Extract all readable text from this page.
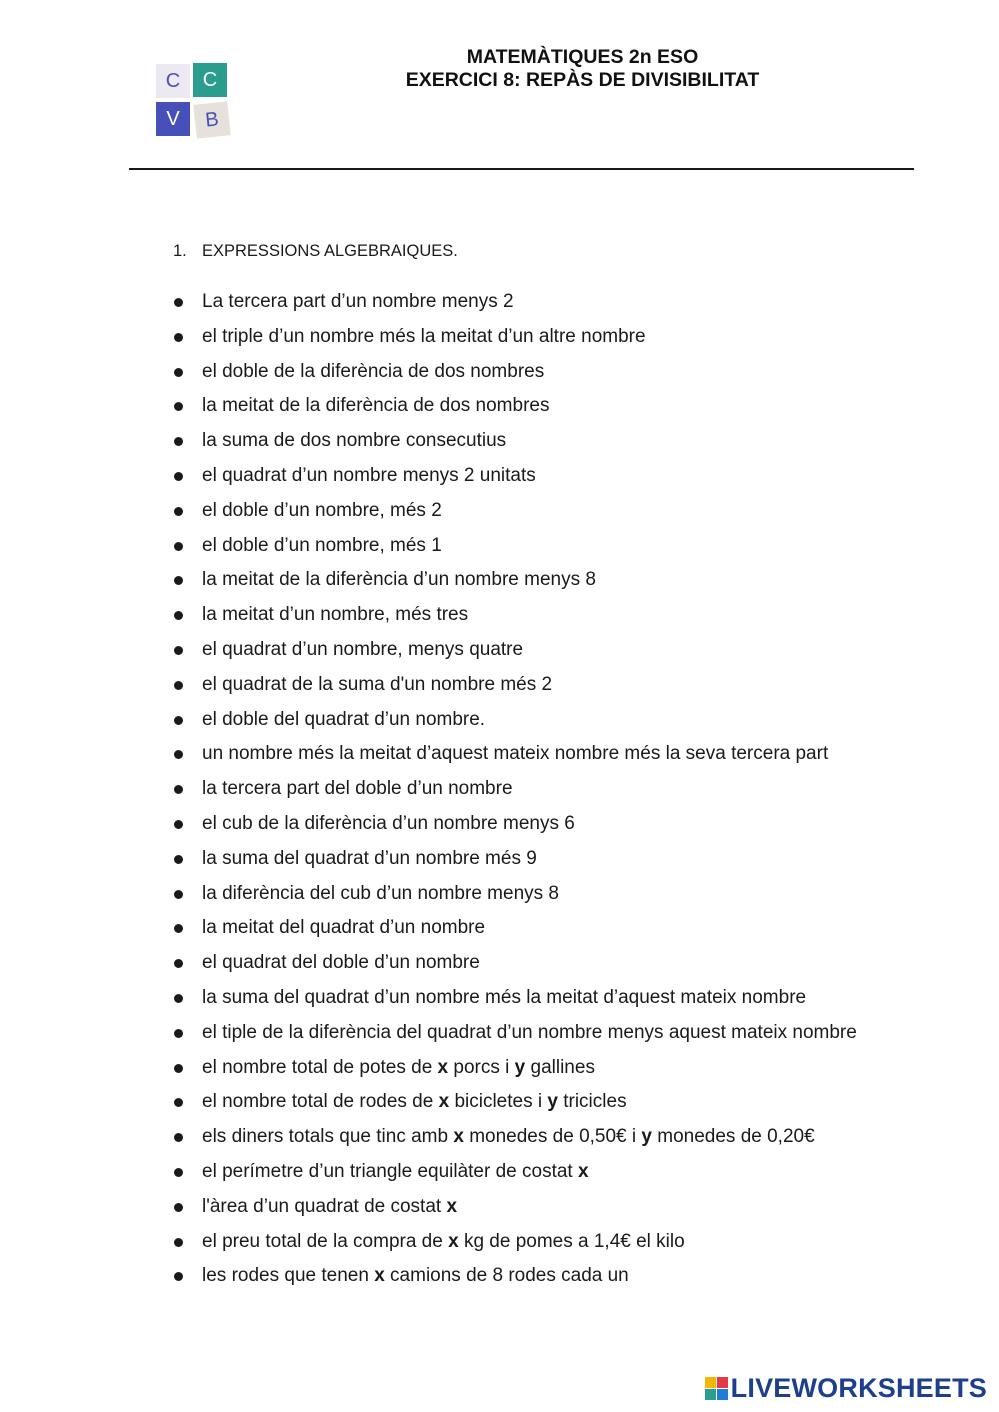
C	C
V	B
MATEMÀTIQUES 2n ESO
EXERCICI 8: REPÀS DE DIVISIBILITAT
1. EXPRESSIONS ALGEBRAIQUES.
La tercera part d’un nombre menys 2
el triple d’un nombre més la meitat d’un altre nombre
el doble de la diferència de dos nombres
la meitat de la diferència de dos nombres
la suma de dos nombre consecutius
el quadrat d’un nombre menys 2 unitats
el doble d’un nombre, més 2
el doble d’un nombre, més 1
la meitat de la diferència d’un nombre menys 8
la meitat d’un nombre, més tres
el quadrat d’un nombre, menys quatre
el quadrat de la suma d'un nombre més 2
el doble del quadrat d’un nombre.
un nombre més la meitat d’aquest mateix nombre més la seva tercera part
la tercera part del doble d’un nombre
el cub de la diferència d’un nombre menys 6
la suma del quadrat d’un nombre més 9
la diferència del cub d’un nombre menys 8
la meitat del quadrat d’un nombre
el quadrat del doble d’un nombre
la suma del quadrat d’un nombre més la meitat d’aquest mateix nombre
el tiple de la diferència del quadrat d’un nombre menys aquest mateix nombre
el nombre total de potes de x porcs i y gallines
el nombre total de rodes de x bicicletes i y tricicles
els diners totals que tinc amb x monedes de 0,50€ i y monedes de 0,20€
el perímetre d’un triangle equilàter de costat x
l'àrea d’un quadrat de costat x
el preu total de la compra de x kg de pomes a 1,4€ el kilo
les rodes que tenen x camions de 8 rodes cada un
LIVEWORKSHEETS
